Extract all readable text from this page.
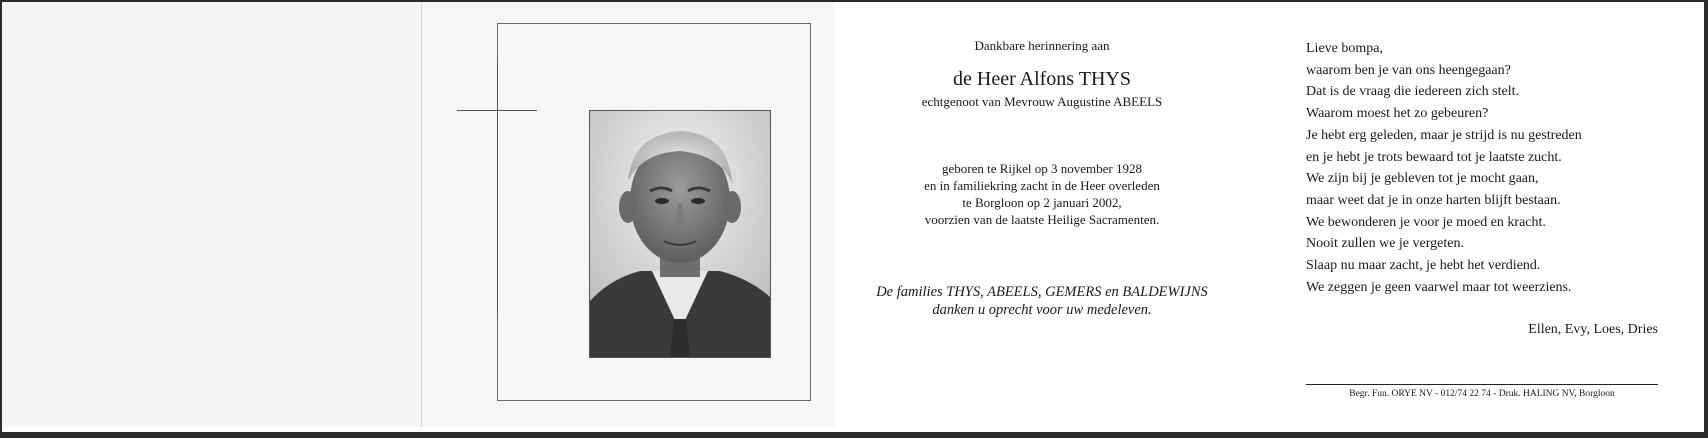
Dankbare herinnering aan
de Heer Alfons THYS
echtgenoot van Mevrouw Augustine ABEELS
geboren te Rijkel op 3 november 1928
en in familiekring zacht in de Heer overleden
te Borgloon op 2 januari 2002,
voorzien van de laatste Heilige Sacramenten.
De families THYS, ABEELS, GEMERS en BALDEWIJNS
danken u oprecht voor uw medeleven.
Lieve bompa,
waarom ben je van ons heengegaan?
Dat is de vraag die iedereen zich stelt.
Waarom moest het zo gebeuren?
Je hebt erg geleden, maar je strijd is nu gestreden
en je hebt je trots bewaard tot je laatste zucht.
We zijn bij je gebleven tot je mocht gaan,
maar weet dat je in onze harten blijft bestaan.
We bewonderen je voor je moed en kracht.
Nooit zullen we je vergeten.
Slaap nu maar zacht, je hebt het verdiend.
We zeggen je geen vaarwel maar tot weerziens.
Ellen, Evy, Loes, Dries
Begr. Fun. ORYE NV - 012/74 22 74 - Druk. HALING NV, Borgloon
